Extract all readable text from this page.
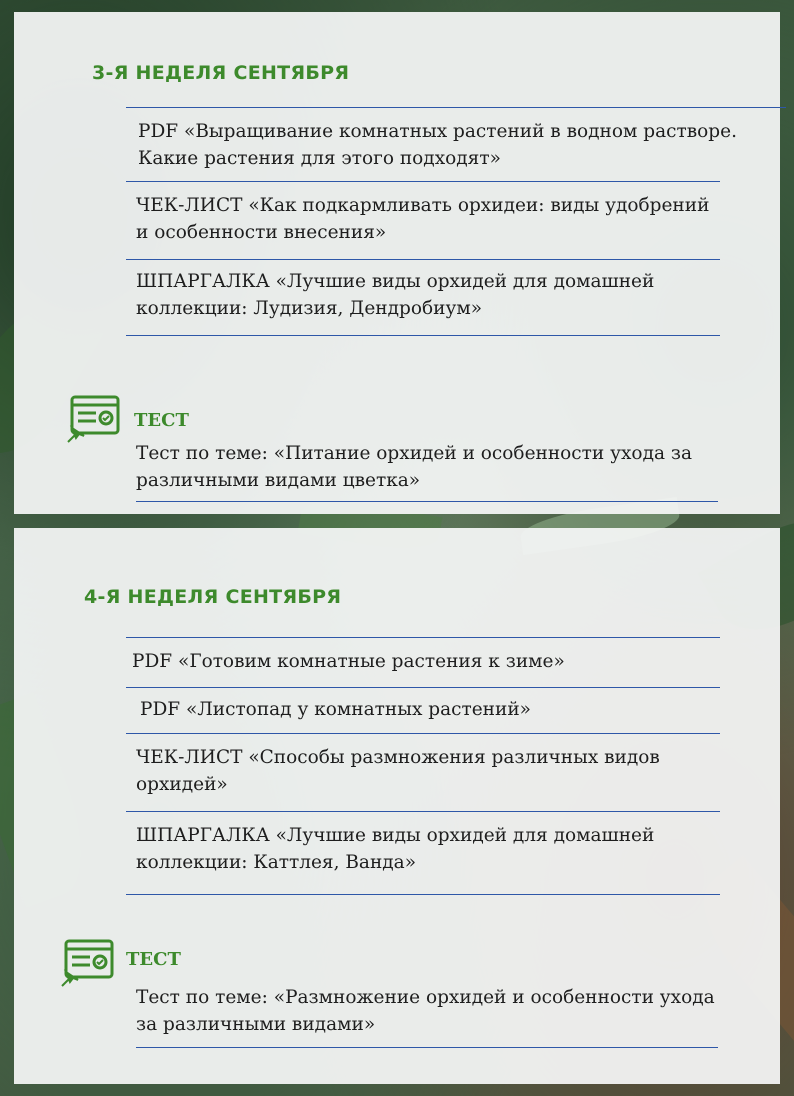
3-Я НЕДЕЛЯ СЕНТЯБРЯ
PDF «Выращивание комнатных растений в водном растворе. Какие растения для этого подходят»
ЧЕК-ЛИСТ «Как подкармливать орхидеи: виды удобрений и особенности внесения»
ШПАРГАЛКА «Лучшие виды орхидей для домашней коллекции: Лудизия, Дендробиум»
ТЕСТ
Тест по теме: «Питание орхидей и особенности ухода за различными видами цветка»
4-Я НЕДЕЛЯ СЕНТЯБРЯ
PDF «Готовим комнатные растения к зиме»
PDF «Листопад у комнатных растений»
ЧЕК-ЛИСТ «Способы размножения различных видов орхидей»
ШПАРГАЛКА «Лучшие виды орхидей для домашней коллекции: Каттлея, Ванда»
ТЕСТ
Тест по теме: «Размножение орхидей и особенности ухода за различными видами»
